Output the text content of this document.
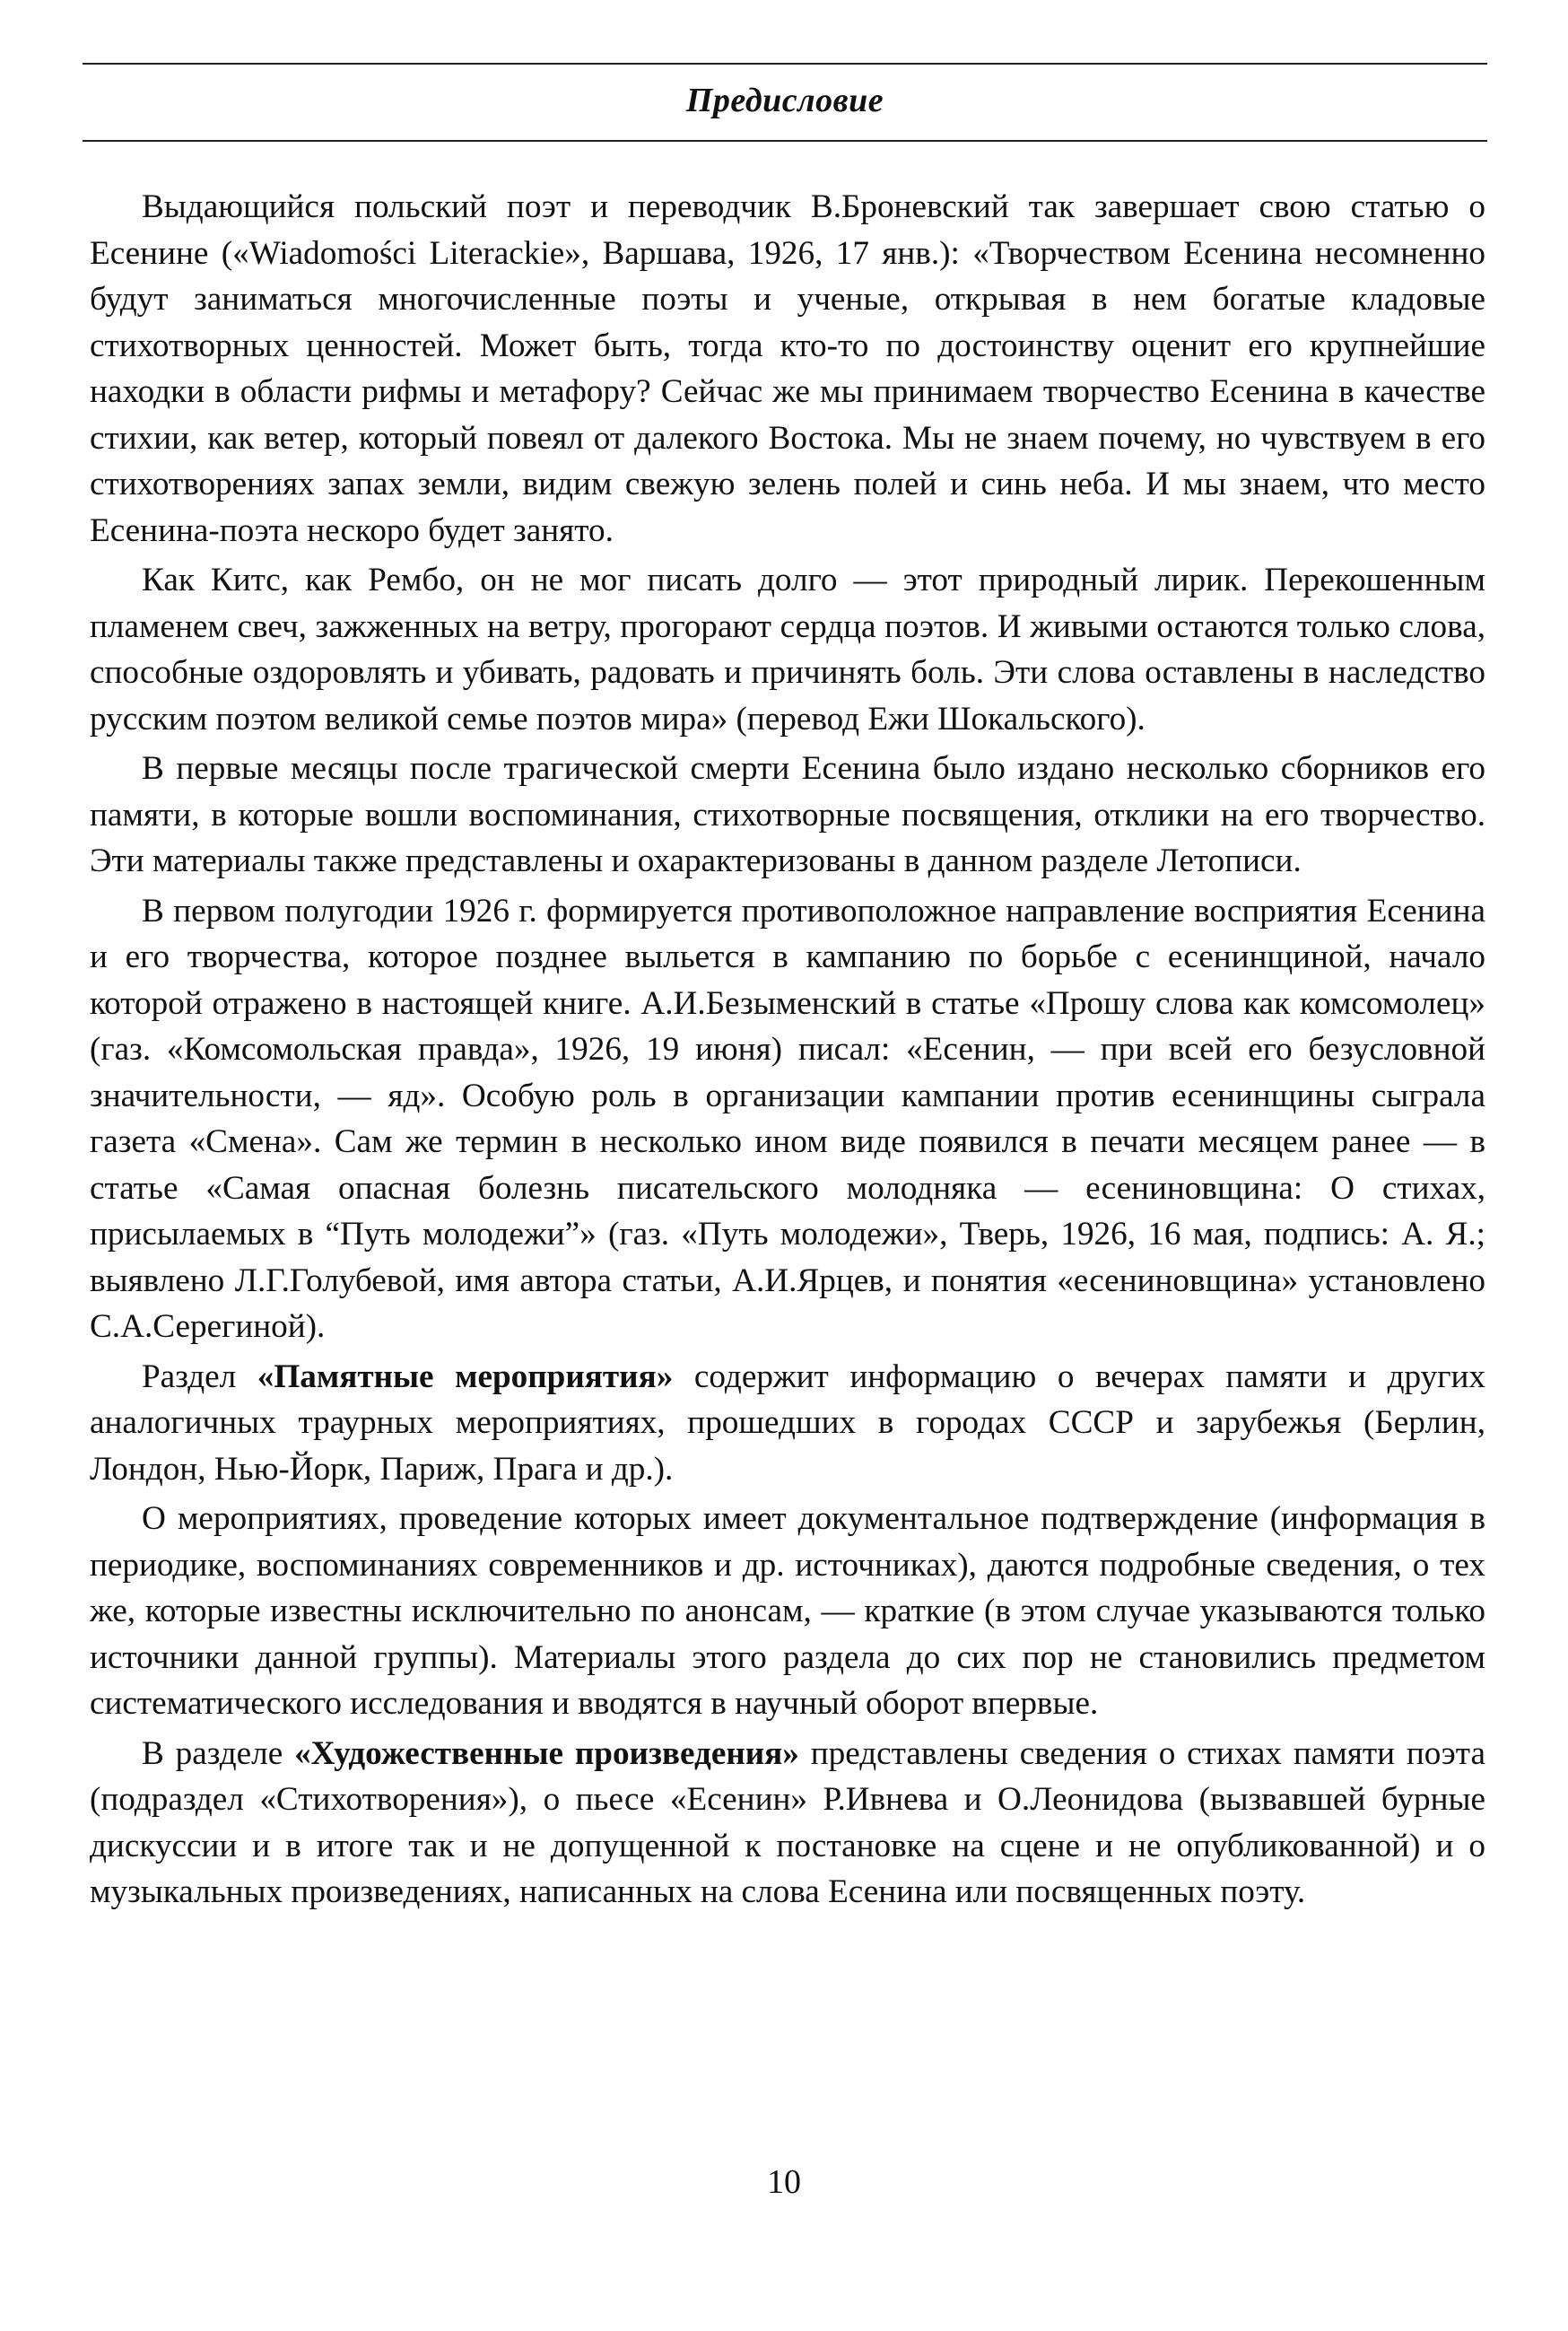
Предисловие

Выдающийся польский поэт и переводчик В.Броневский так завершает свою статью о Есенине («Wiadomości Literackie», Варшава, 1926, 17 янв.): «Творчеством Есенина несомненно будут заниматься многочисленные поэты и ученые, открывая в нем богатые кладовые стихотворных ценностей. Может быть, тогда кто-то по достоинству оценит его крупнейшие находки в области рифмы и метафору? Сейчас же мы принимаем творчество Есенина в качестве стихии, как ветер, который повеял от далекого Востока. Мы не знаем почему, но чувствуем в его стихотворениях запах земли, видим свежую зелень полей и синь неба. И мы знаем, что место Есенина-поэта нескоро будет занято.

Как Китс, как Рембо, он не мог писать долго — этот природный лирик. Перекошенным пламенем свеч, зажженных на ветру, прогорают сердца поэтов. И живыми остаются только слова, способные оздоровлять и убивать, радовать и причинять боль. Эти слова оставлены в наследство русским поэтом великой семье поэтов мира» (перевод Ежи Шокальского).

В первые месяцы после трагической смерти Есенина было издано несколько сборников его памяти, в которые вошли воспоминания, стихотворные посвящения, отклики на его творчество. Эти материалы также представлены и охарактеризованы в данном разделе Летописи.

В первом полугодии 1926 г. формируется противоположное направление восприятия Есенина и его творчества, которое позднее выльется в кампанию по борьбе с есенинщиной, начало которой отражено в настоящей книге. А.И.Безыменский в статье «Прошу слова как комсомолец» (газ. «Комсомольская правда», 1926, 19 июня) писал: «Есенин, — при всей его безусловной значительности, — яд». Особую роль в организации кампании против есенинщины сыграла газета «Смена». Сам же термин в несколько ином виде появился в печати месяцем ранее — в статье «Самая опасная болезнь писательского молодняка — есениновщина: О стихах, присылаемых в “Путь молодежи”» (газ. «Путь молодежи», Тверь, 1926, 16 мая, подпись: А. Я.; выявлено Л.Г.Голубевой, имя автора статьи, А.И.Ярцев, и понятия «есениновщина» установлено С.А.Серегиной).

Раздел «Памятные мероприятия» содержит информацию о вечерах памяти и других аналогичных траурных мероприятиях, прошедших в городах СССР и зарубежья (Берлин, Лондон, Нью-Йорк, Париж, Прага и др.).

О мероприятиях, проведение которых имеет документальное подтверждение (информация в периодике, воспоминаниях современников и др. источниках), даются подробные сведения, о тех же, которые известны исключительно по анонсам, — краткие (в этом случае указываются только источники данной группы). Материалы этого раздела до сих пор не становились предметом систематического исследования и вводятся в научный оборот впервые.

В разделе «Художественные произведения» представлены сведения о стихах памяти поэта (подраздел «Стихотворения»), о пьесе «Есенин» Р.Ивнева и О.Леонидова (вызвавшей бурные дискуссии и в итоге так и не допущенной к постановке на сцене и не опубликованной) и о музыкальных произведениях, написанных на слова Есенина или посвященных поэту.

10
